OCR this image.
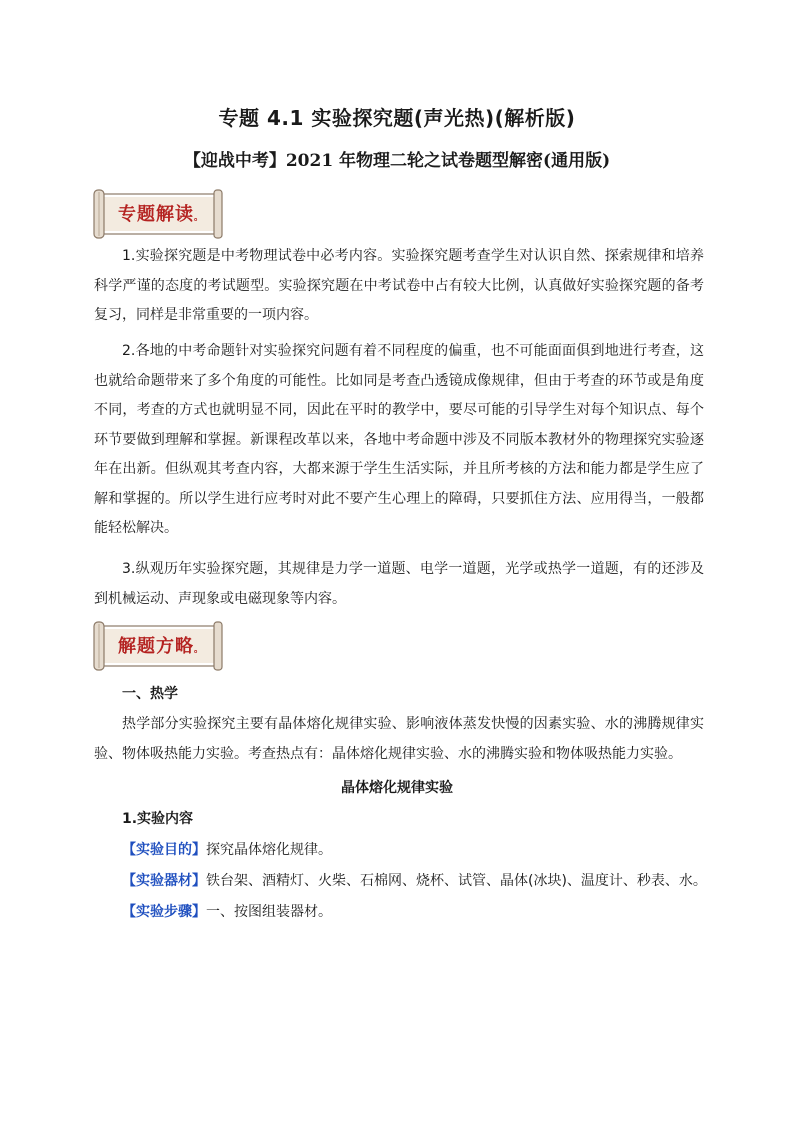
专题 4.1 实验探究题(声光热)(解析版)
【迎战中考】2021 年物理二轮之试卷题型解密(通用版)
专题解读。
1.实验探究题是中考物理试卷中必考内容。实验探究题考查学生对认识自然、探索规律和培养科学严谨的态度的考试题型。实验探究题在中考试卷中占有较大比例，认真做好实验探究题的备考复习，同样是非常重要的一项内容。
2.各地的中考命题针对实验探究问题有着不同程度的偏重，也不可能面面俱到地进行考查，这也就给命题带来了多个角度的可能性。比如同是考查凸透镜成像规律，但由于考查的环节或是角度不同，考查的方式也就明显不同，因此在平时的教学中，要尽可能的引导学生对每个知识点、每个环节要做到理解和掌握。新课程改革以来，各地中考命题中涉及不同版本教材外的物理探究实验逐年在出新。但纵观其考查内容，大都来源于学生生活实际，并且所考核的方法和能力都是学生应了解和掌握的。所以学生进行应考时对此不要产生心理上的障碍，只要抓住方法、应用得当，一般都能轻松解决。
3.纵观历年实验探究题，其规律是力学一道题、电学一道题，光学或热学一道题，有的还涉及到机械运动、声现象或电磁现象等内容。
解题方略。
一、热学
热学部分实验探究主要有晶体熔化规律实验、影响液体蒸发快慢的因素实验、水的沸腾规律实验、物体吸热能力实验。考查热点有：晶体熔化规律实验、水的沸腾实验和物体吸热能力实验。
晶体熔化规律实验
1.实验内容
【实验目的】探究晶体熔化规律。
【实验器材】铁台架、酒精灯、火柴、石棉网、烧杯、试管、晶体(冰块)、温度计、秒表、水。
【实验步骤】一、按图组装器材。
